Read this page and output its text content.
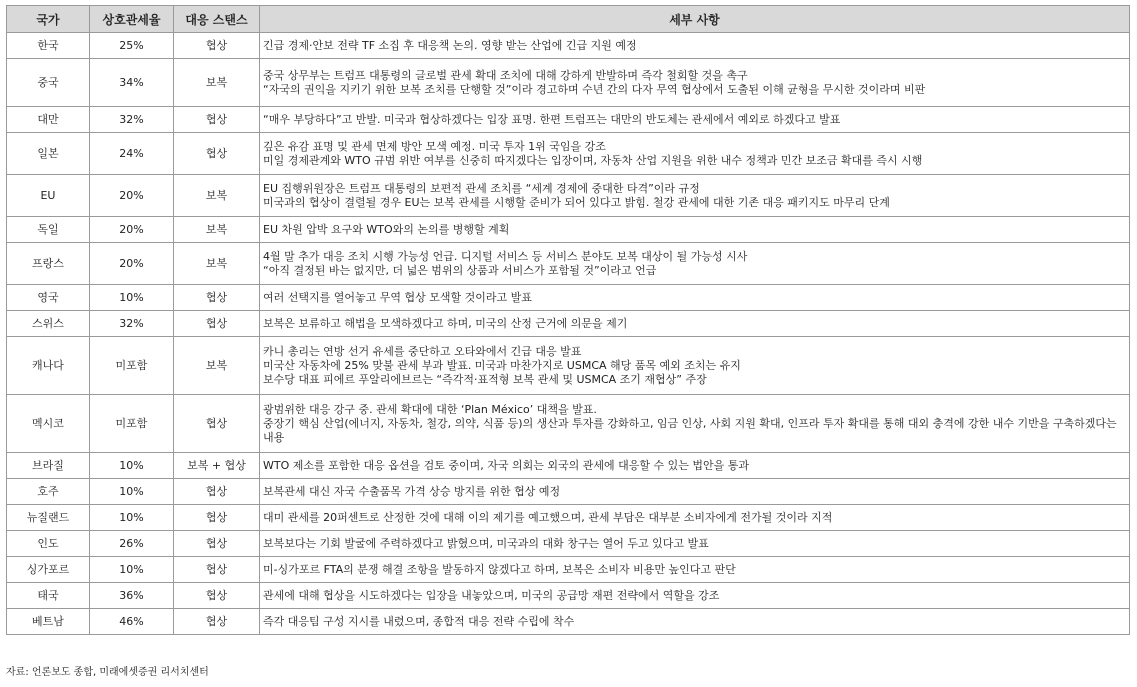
국가	상호관세율	대응 스탠스	세부 사항
한국	25%	협상	긴급 경제·안보 전략 TF 소집 후 대응책 논의. 영향 받는 산업에 긴급 지원 예정

중국	34%	보복	중국 상무부는 트럼프 대통령의 글로벌 관세 확대 조치에 대해 강하게 반발하며 즉각 철회할 것을 촉구
“자국의 권익을 지키기 위한 보복 조치를 단행할 것”이라 경고하며 수년 간의 다자 무역 협상에서 도출된 이해 균형을 무시한 것이라며 비판

대만	32%	협상	“매우 부당하다”고 반발. 미국과 협상하겠다는 입장 표명. 한편 트럼프는 대만의 반도체는 관세에서 예외로 하겠다고 발표

일본	24%	협상	깊은 유감 표명 및 관세 면제 방안 모색 예정. 미국 투자 1위 국임을 강조
미일 경제관계와 WTO 규범 위반 여부를 신중히 따지겠다는 입장이며, 자동차 산업 지원을 위한 내수 정책과 민간 보조금 확대를 즉시 시행

EU	20%	보복	EU 집행위원장은 트럼프 대통령의 보편적 관세 조치를 “세계 경제에 중대한 타격”이라 규정
미국과의 협상이 결렬될 경우 EU는 보복 관세를 시행할 준비가 되어 있다고 밝힘. 철강 관세에 대한 기존 대응 패키지도 마무리 단계

독일	20%	보복	EU 차원 압박 요구와 WTO와의 논의를 병행할 계획

프랑스	20%	보복	4월 말 추가 대응 조치 시행 가능성 언급. 디지털 서비스 등 서비스 분야도 보복 대상이 될 가능성 시사
“아직 결정된 바는 없지만, 더 넓은 범위의 상품과 서비스가 포함될 것”이라고 언급

영국	10%	협상	여러 선택지를 열어놓고 무역 협상 모색할 것이라고 발표

스위스	32%	협상	보복은 보류하고 해법을 모색하겠다고 하며, 미국의 산정 근거에 의문을 제기

캐나다	미포함	보복	카니 총리는 연방 선거 유세를 중단하고 오타와에서 긴급 대응 발표
미국산 자동차에 25% 맞불 관세 부과 발표. 미국과 마찬가지로 USMCA 해당 품목 예외 조치는 유지
보수당 대표 피에르 푸알리에브르는 “즉각적·표적형 보복 관세 및 USMCA 조기 재협상” 주장

멕시코	미포함	협상	광범위한 대응 강구 중. 관세 확대에 대한 ‘Plan México’ 대책을 발표.
중장기 핵심 산업(에너지, 자동차, 철강, 의약, 식품 등)의 생산과 투자를 강화하고, 임금 인상, 사회 지원 확대, 인프라 투자 확대를 통해 대외 충격에 강한 내수 기반을 구축하겠다는 내용

브라질	10%	보복 + 협상	WTO 제소를 포함한 대응 옵션을 검토 중이며, 자국 의회는 외국의 관세에 대응할 수 있는 법안을 통과

호주	10%	협상	보복관세 대신 자국 수출품목 가격 상승 방지를 위한 협상 예정

뉴질랜드	10%	협상	대미 관세를 20퍼센트로 산정한 것에 대해 이의 제기를 예고했으며, 관세 부담은 대부분 소비자에게 전가될 것이라 지적

인도	26%	협상	보복보다는 기회 발굴에 주력하겠다고 밝혔으며, 미국과의 대화 창구는 열어 두고 있다고 발표

싱가포르	10%	협상	미-싱가포르 FTA의 분쟁 해결 조항을 발동하지 않겠다고 하며, 보복은 소비자 비용만 높인다고 판단

태국	36%	협상	관세에 대해 협상을 시도하겠다는 입장을 내놓았으며, 미국의 공급망 재편 전략에서 역할을 강조

베트남	46%	협상	즉각 대응팀 구성 지시를 내렸으며, 종합적 대응 전략 수립에 착수
자료: 언론보도 종합, 미래에셋증권 리서치센터
